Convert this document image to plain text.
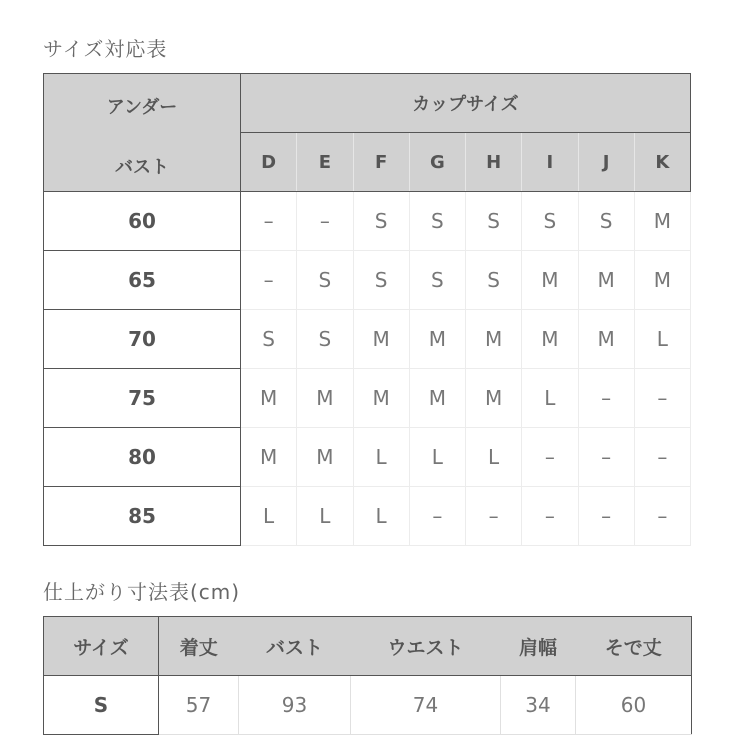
サイズ対応表
アンダー
バスト	カップサイズ							
	D	E	F	G	H	I	J	K
60	–	–	S	S	S	S	S	M
65	–	S	S	S	S	M	M	M
70	S	S	M	M	M	M	M	L
75	M	M	M	M	M	L	–	–
80	M	M	L	L	L	–	–	–
85	L	L	L	–	–	–	–	–
仕上がり寸法表(cm)
サイズ	着丈	バスト	ウエスト	肩幅	そで丈
S	57	93	74	34	60
